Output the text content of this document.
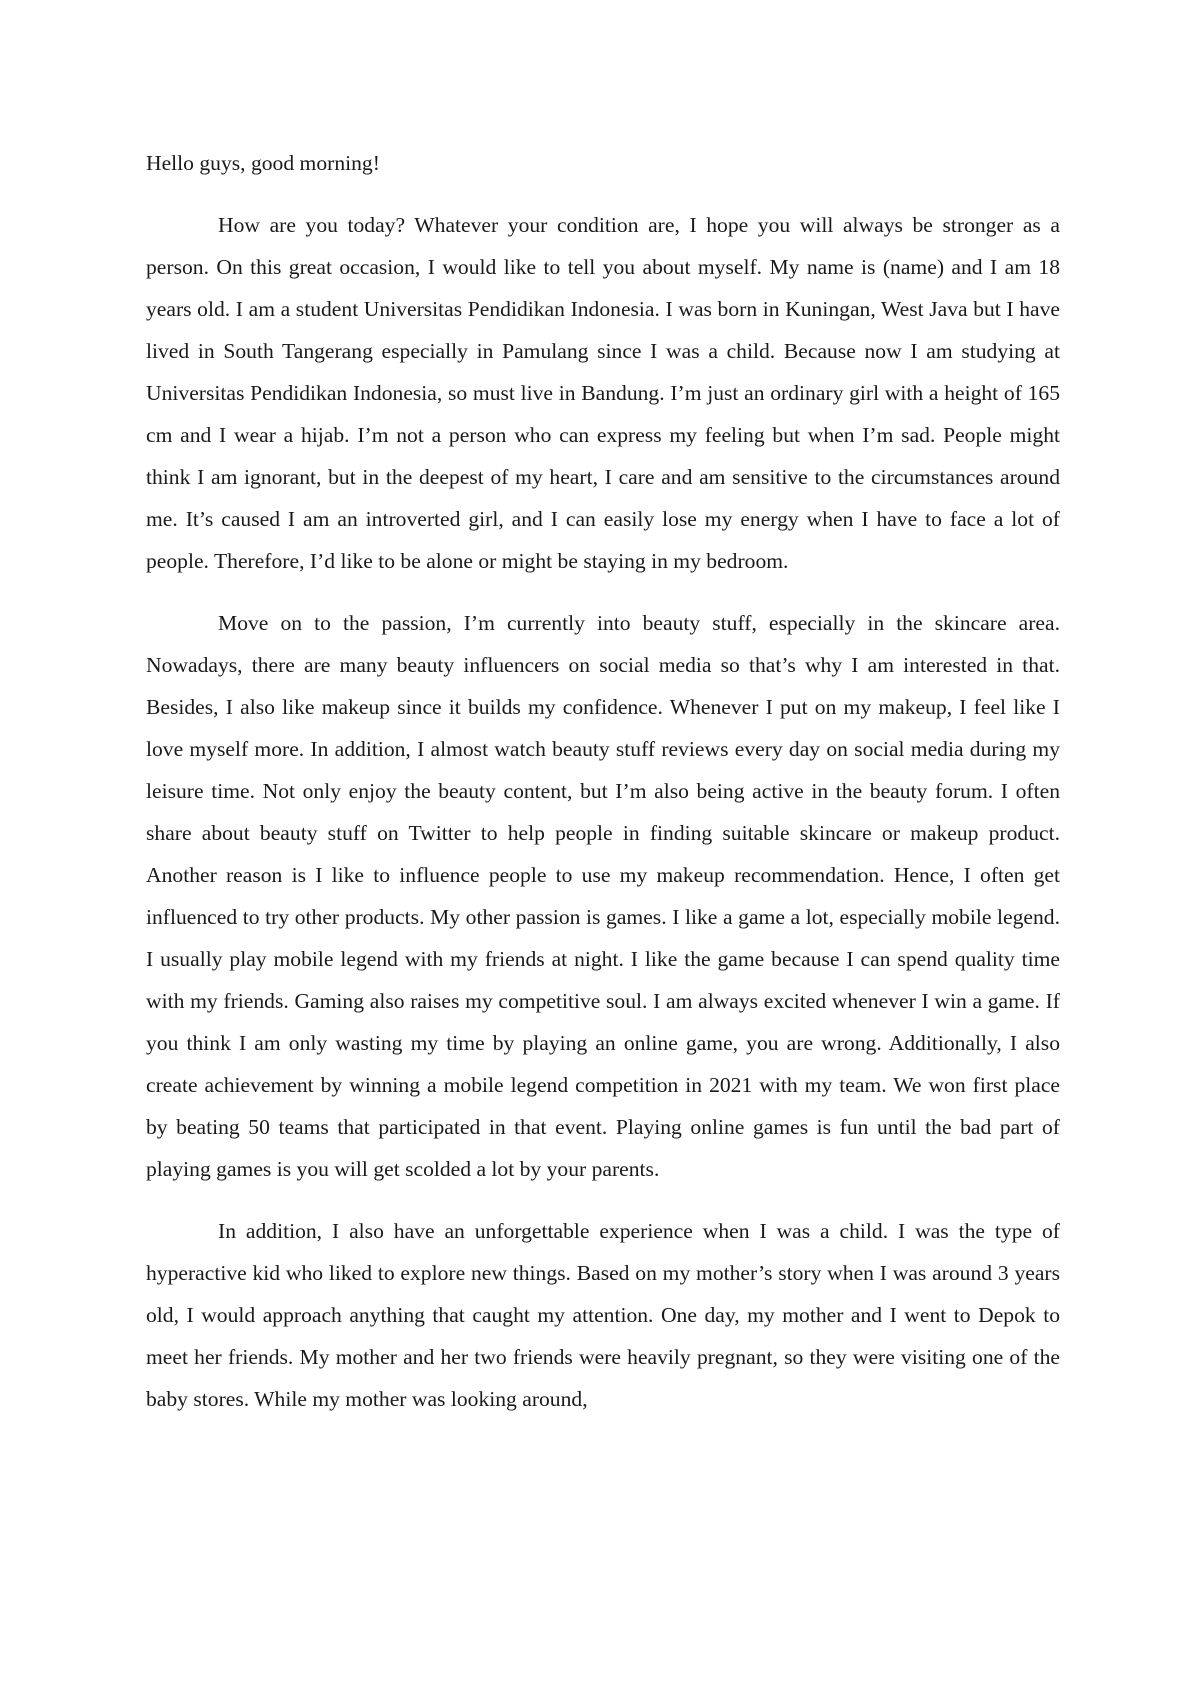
Hello guys, good morning!

How are you today? Whatever your condition are, I hope you will always be stronger as a person. On this great occasion, I would like to tell you about myself. My name is (name) and I am 18 years old. I am a student Universitas Pendidikan Indonesia. I was born in Kuningan, West Java but I have lived in South Tangerang especially in Pamulang since I was a child. Because now I am studying at Universitas Pendidikan Indonesia, so must live in Bandung. I’m just an ordinary girl with a height of 165 cm and I wear a hijab. I’m not a person who can express my feeling but when I’m sad. People might think I am ignorant, but in the deepest of my heart, I care and am sensitive to the circumstances around me. It’s caused I am an introverted girl, and I can easily lose my energy when I have to face a lot of people. Therefore, I’d like to be alone or might be staying in my bedroom.

Move on to the passion, I’m currently into beauty stuff, especially in the skincare area. Nowadays, there are many beauty influencers on social media so that’s why I am interested in that. Besides, I also like makeup since it builds my confidence. Whenever I put on my makeup, I feel like I love myself more. In addition, I almost watch beauty stuff reviews every day on social media during my leisure time. Not only enjoy the beauty content, but I’m also being active in the beauty forum. I often share about beauty stuff on Twitter to help people in finding suitable skincare or makeup product. Another reason is I like to influence people to use my makeup recommendation. Hence, I often get influenced to try other products. My other passion is games. I like a game a lot, especially mobile legend. I usually play mobile legend with my friends at night. I like the game because I can spend quality time with my friends. Gaming also raises my competitive soul. I am always excited whenever I win a game. If you think I am only wasting my time by playing an online game, you are wrong. Additionally, I also create achievement by winning a mobile legend competition in 2021 with my team. We won first place by beating 50 teams that participated in that event. Playing online games is fun until the bad part of playing games is you will get scolded a lot by your parents.

In addition, I also have an unforgettable experience when I was a child. I was the type of hyperactive kid who liked to explore new things. Based on my mother’s story when I was around 3 years old, I would approach anything that caught my attention. One day, my mother and I went to Depok to meet her friends. My mother and her two friends were heavily pregnant, so they were visiting one of the baby stores. While my mother was looking around,
